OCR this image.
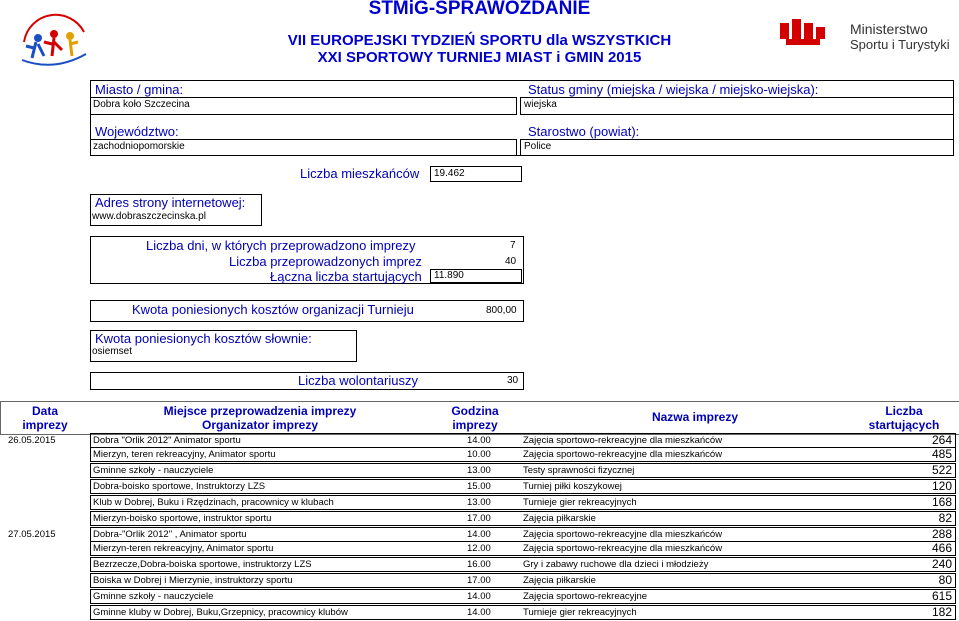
Ministerstwo
Sportu i Turystyki
STMiG-SPRAWOZDANIE
VII EUROPEJSKI TYDZIEŃ SPORTU dla WSZYSTKICH
XXI SPORTOWY TURNIEJ MIAST i GMIN 2015
Miasto / gmina:
Dobra koło Szczecina
Status gminy (miejska / wiejska / miejsko-wiejska):
wiejska
Województwo:
zachodniopomorskie
Starostwo (powiat):
Police
Liczba mieszkańców	19.462
Adres strony internetowej:
www.dobraszczecinska.pl
Liczba dni, w których przeprowadzono imprezy	7
Liczba przeprowadzonych imprez	40
Łączna liczba startujących	11.890
Kwota poniesionych kosztów organizacji Turnieju	800,00
Kwota poniesionych kosztów słownie:
osiemset
Liczba wolontariuszy	30
Data
imprezy
Miejsce przeprowadzenia imprezy
Organizator imprezy
Godzina
imprezy
Nazwa imprezy	Liczba
startujących
26.05.2015	Dobra "Orlik 2012" Animator sportu	14.00	Zajęcia sportowo-rekreacyjne dla mieszkańców	264
Mierzyn, teren rekreacyjny, Animator sportu	10.00	Zajęcia sportowo-rekreacyjne dla mieszkańców	485
Gminne szkoły - nauczyciele	13.00	Testy sprawności fizycznej	522
Dobra-boisko sportowe, Instruktorzy LZS	15.00	Turniej piłki koszykowej	120
Klub w Dobrej, Buku i Rzędzinach, pracownicy w klubach	13.00	Turnieje gier rekreacyjnych	168
Mierzyn-boisko sportowe, instruktor sportu	17.00	Zajęcia piłkarskie	82
27.05.2015	Dobra-"Orlik 2012" , Animator sportu	14.00	Zajęcia sportowo-rekreacyjne dla mieszkańców	288
Mierzyn-teren rekreacyjny, Animator sportu	12.00	Zajęcia sportowo-rekreacyjne dla mieszkańców	466
Bezrzecze,Dobra-boiska sportowe, instruktorzy LZS	16.00	Gry i zabawy ruchowe dla dzieci i młodzieży	240
Boiska w Dobrej i Mierzynie, instruktorzy sportu	17.00	Zajęcia piłkarskie	80
Gminne szkoły - nauczyciele	14.00	Zajęcia sportowo-rekreacyjne	615
Gminne kluby w Dobrej, Buku,Grzepnicy, pracownicy klubów	14.00	Turnieje gier rekreacyjnych	182
